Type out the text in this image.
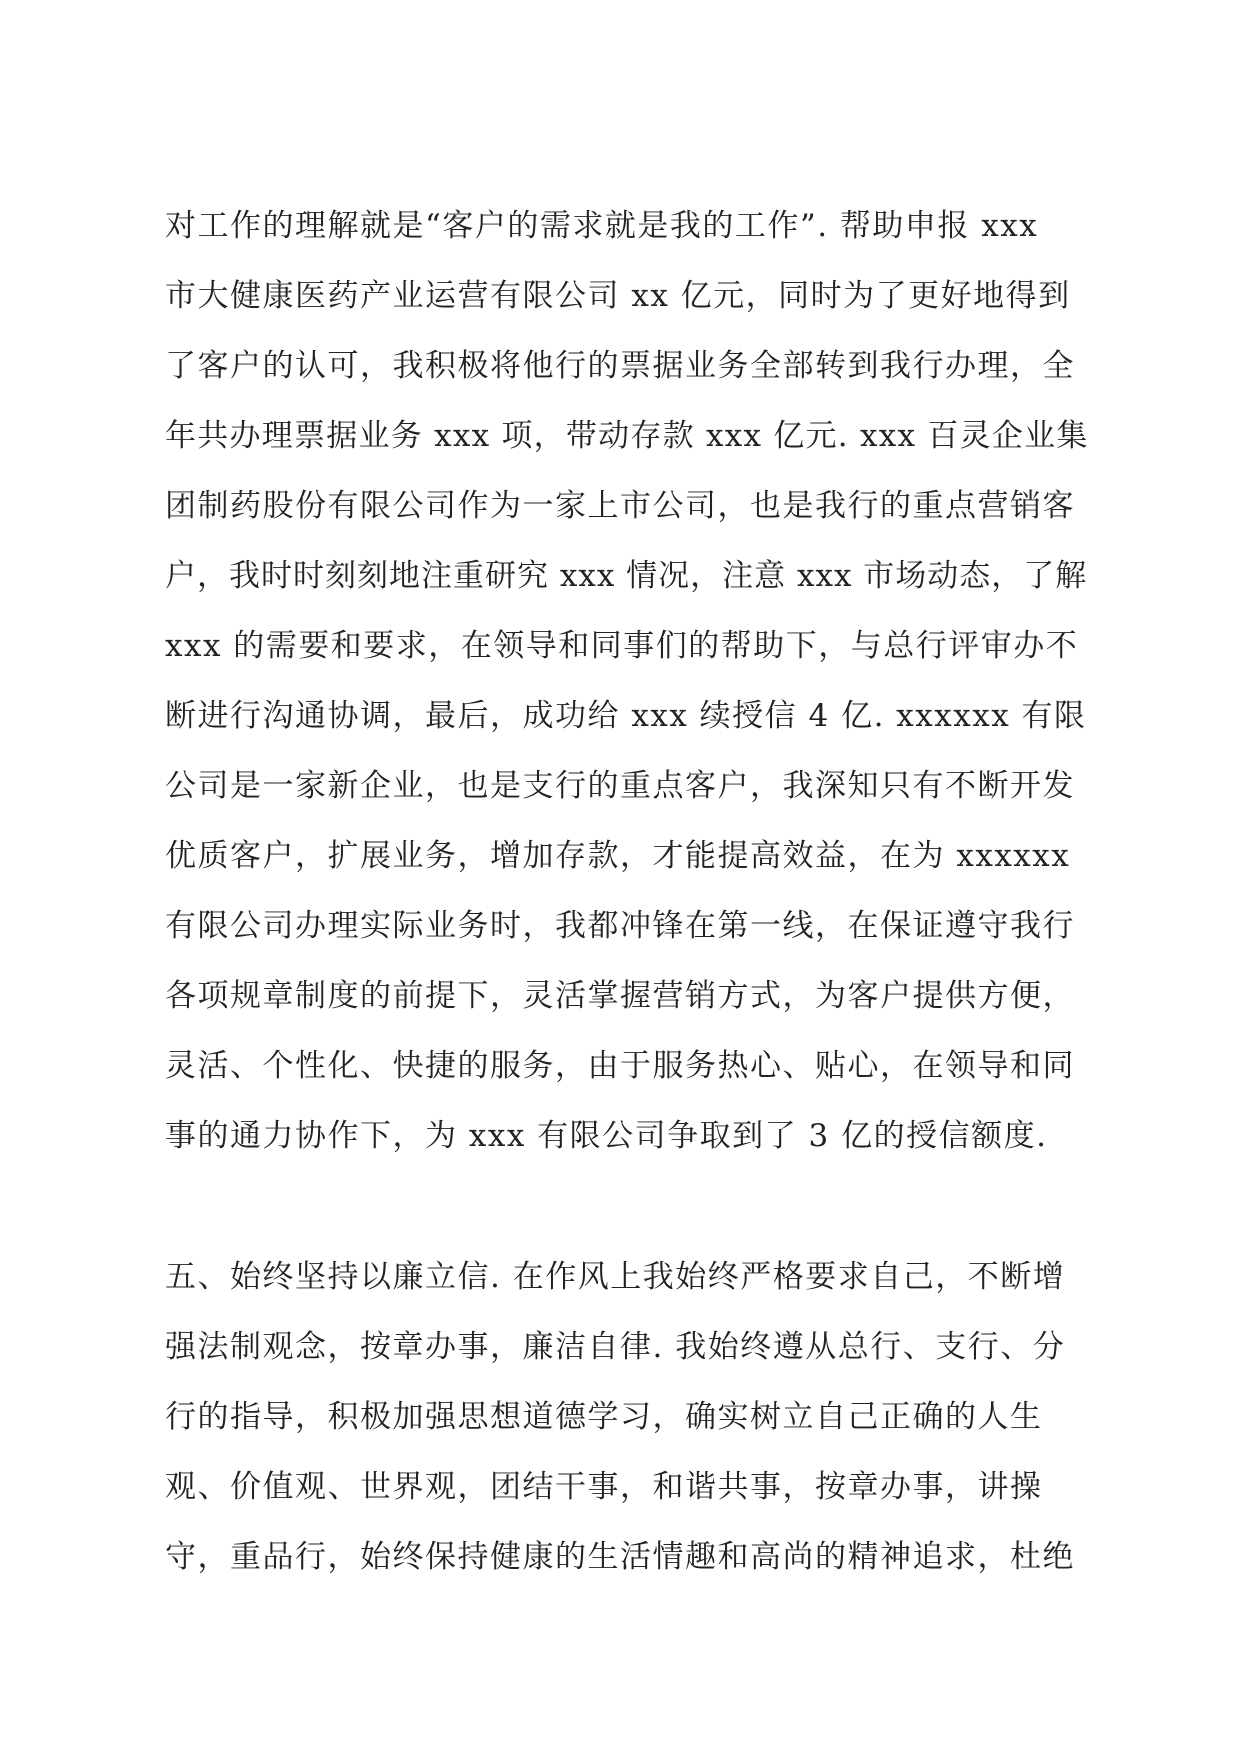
对工作的理解就是“客户的需求就是我的工作”. 帮助申报 xxx
市大健康医药产业运营有限公司 xx 亿元，同时为了更好地得到
了客户的认可，我积极将他行的票据业务全部转到我行办理，全
年共办理票据业务 xxx 项，带动存款 xxx 亿元. xxx 百灵企业集
团制药股份有限公司作为一家上市公司，也是我行的重点营销客
户，我时时刻刻地注重研究 xxx 情况，注意 xxx 市场动态，了解
xxx 的需要和要求，在领导和同事们的帮助下，与总行评审办不
断进行沟通协调，最后，成功给 xxx 续授信 4 亿. xxxxxx 有限
公司是一家新企业，也是支行的重点客户，我深知只有不断开发
优质客户，扩展业务，增加存款，才能提高效益，在为 xxxxxx
有限公司办理实际业务时，我都冲锋在第一线，在保证遵守我行
各项规章制度的前提下，灵活掌握营销方式，为客户提供方便，
灵活、个性化、快捷的服务，由于服务热心、贴心，在领导和同
事的通力协作下，为 xxx 有限公司争取到了 3 亿的授信额度.
五、始终坚持以廉立信. 在作风上我始终严格要求自己，不断增
强法制观念，按章办事，廉洁自律. 我始终遵从总行、支行、分
行的指导，积极加强思想道德学习，确实树立自己正确的人生
观、价值观、世界观，团结干事，和谐共事，按章办事，讲操
守，重品行，始终保持健康的生活情趣和高尚的精神追求，杜绝
